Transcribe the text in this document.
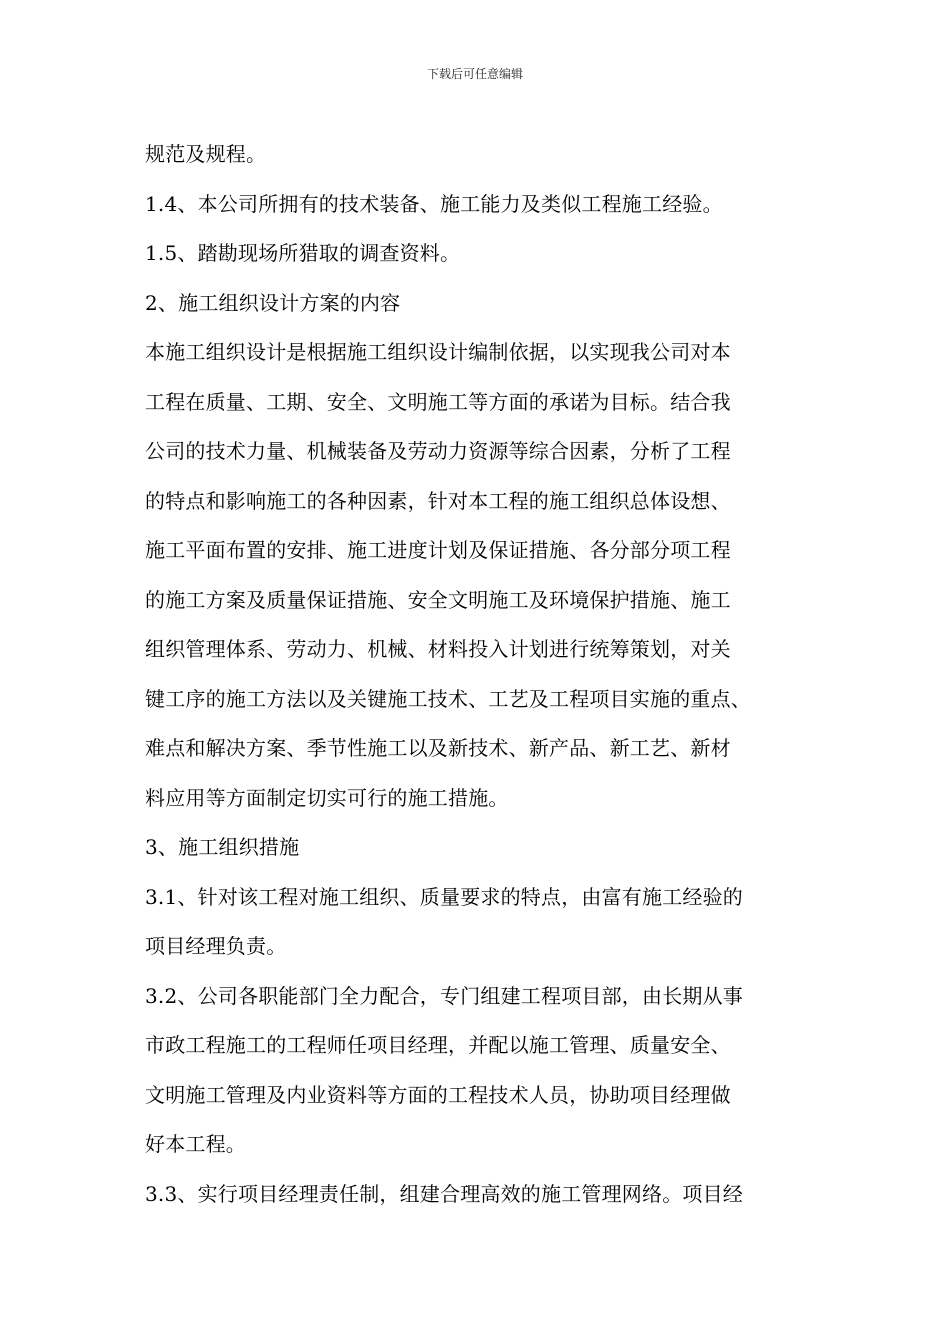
下载后可任意编辑
规范及规程。
1.4、本公司所拥有的技术装备、施工能力及类似工程施工经验。
1.5、踏勘现场所猎取的调查资料。
2、施工组织设计方案的内容
本施工组织设计是根据施工组织设计编制依据，以实现我公司对本
工程在质量、工期、安全、文明施工等方面的承诺为目标。结合我
公司的技术力量、机械装备及劳动力资源等综合因素，分析了工程
的特点和影响施工的各种因素，针对本工程的施工组织总体设想、
施工平面布置的安排、施工进度计划及保证措施、各分部分项工程
的施工方案及质量保证措施、安全文明施工及环境保护措施、施工
组织管理体系、劳动力、机械、材料投入计划进行统筹策划，对关
键工序的施工方法以及关键施工技术、工艺及工程项目实施的重点、
难点和解决方案、季节性施工以及新技术、新产品、新工艺、新材
料应用等方面制定切实可行的施工措施。
3、施工组织措施
3.1、针对该工程对施工组织、质量要求的特点，由富有施工经验的
项目经理负责。
3.2、公司各职能部门全力配合，专门组建工程项目部，由长期从事
市政工程施工的工程师任项目经理，并配以施工管理、质量安全、
文明施工管理及内业资料等方面的工程技术人员，协助项目经理做
好本工程。
3.3、实行项目经理责任制，组建合理高效的施工管理网络。项目经
